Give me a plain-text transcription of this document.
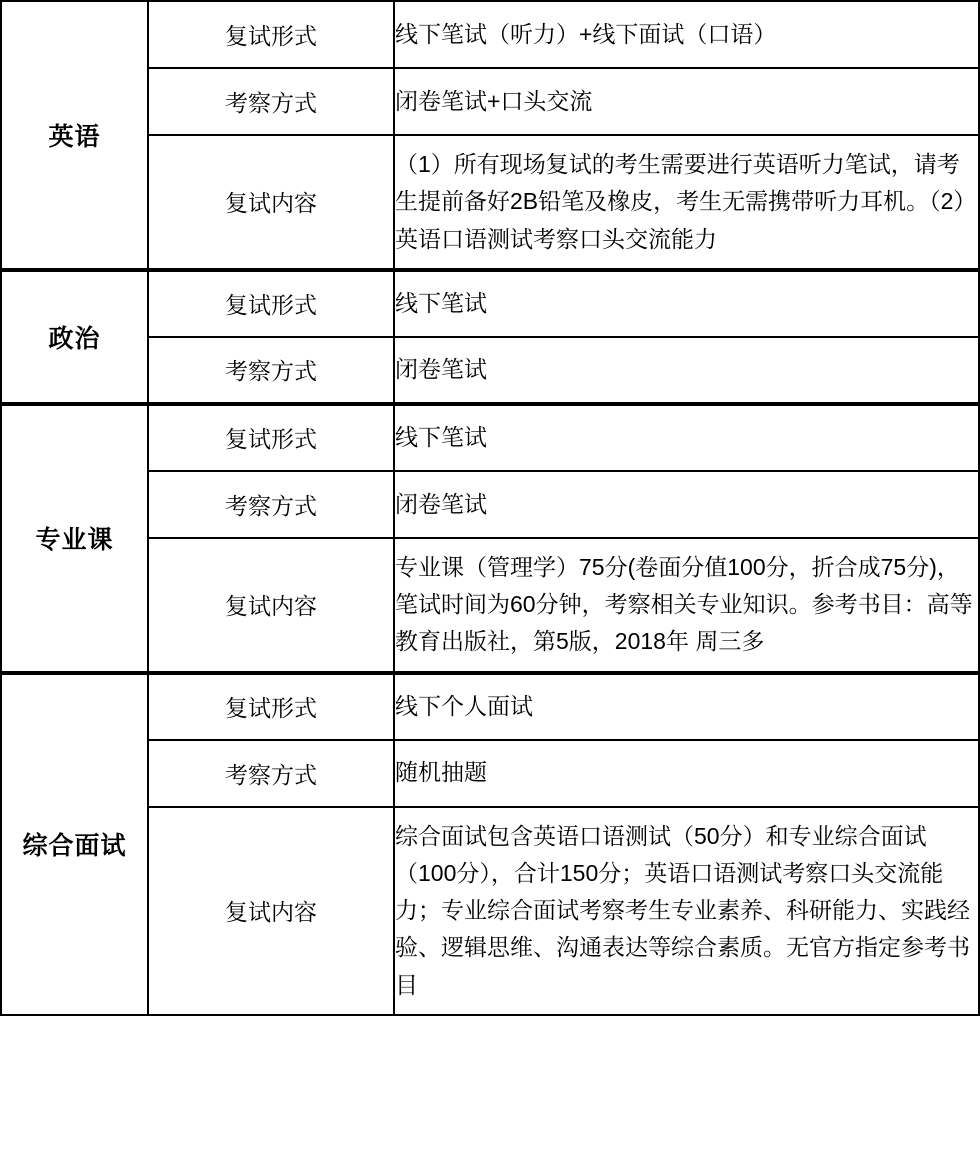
英语	复试形式	线下笔试（听力）+线下面试（口语）
	考察方式	闭卷笔试+口头交流
	复试内容	（1）所有现场复试的考生需要进行英语听力笔试，请考生提前备好2B铅笔及橡皮，考生无需携带听力耳机。（2）英语口语测试考察口头交流能力
政治	复试形式	线下笔试
	考察方式	闭卷笔试
专业课	复试形式	线下笔试
	考察方式	闭卷笔试
	复试内容	专业课（管理学）75分(卷面分值100分，折合成75分)，笔试时间为60分钟，考察相关专业知识。参考书目：高等教育出版社，第5版，2018年 周三多
综合面试	复试形式	线下个人面试
	考察方式	随机抽题
	复试内容	综合面试包含英语口语测试（50分）和专业综合面试（100分），合计150分；英语口语测试考察口头交流能力；专业综合面试考察考生专业素养、科研能力、实践经验、逻辑思维、沟通表达等综合素质。无官方指定参考书目
